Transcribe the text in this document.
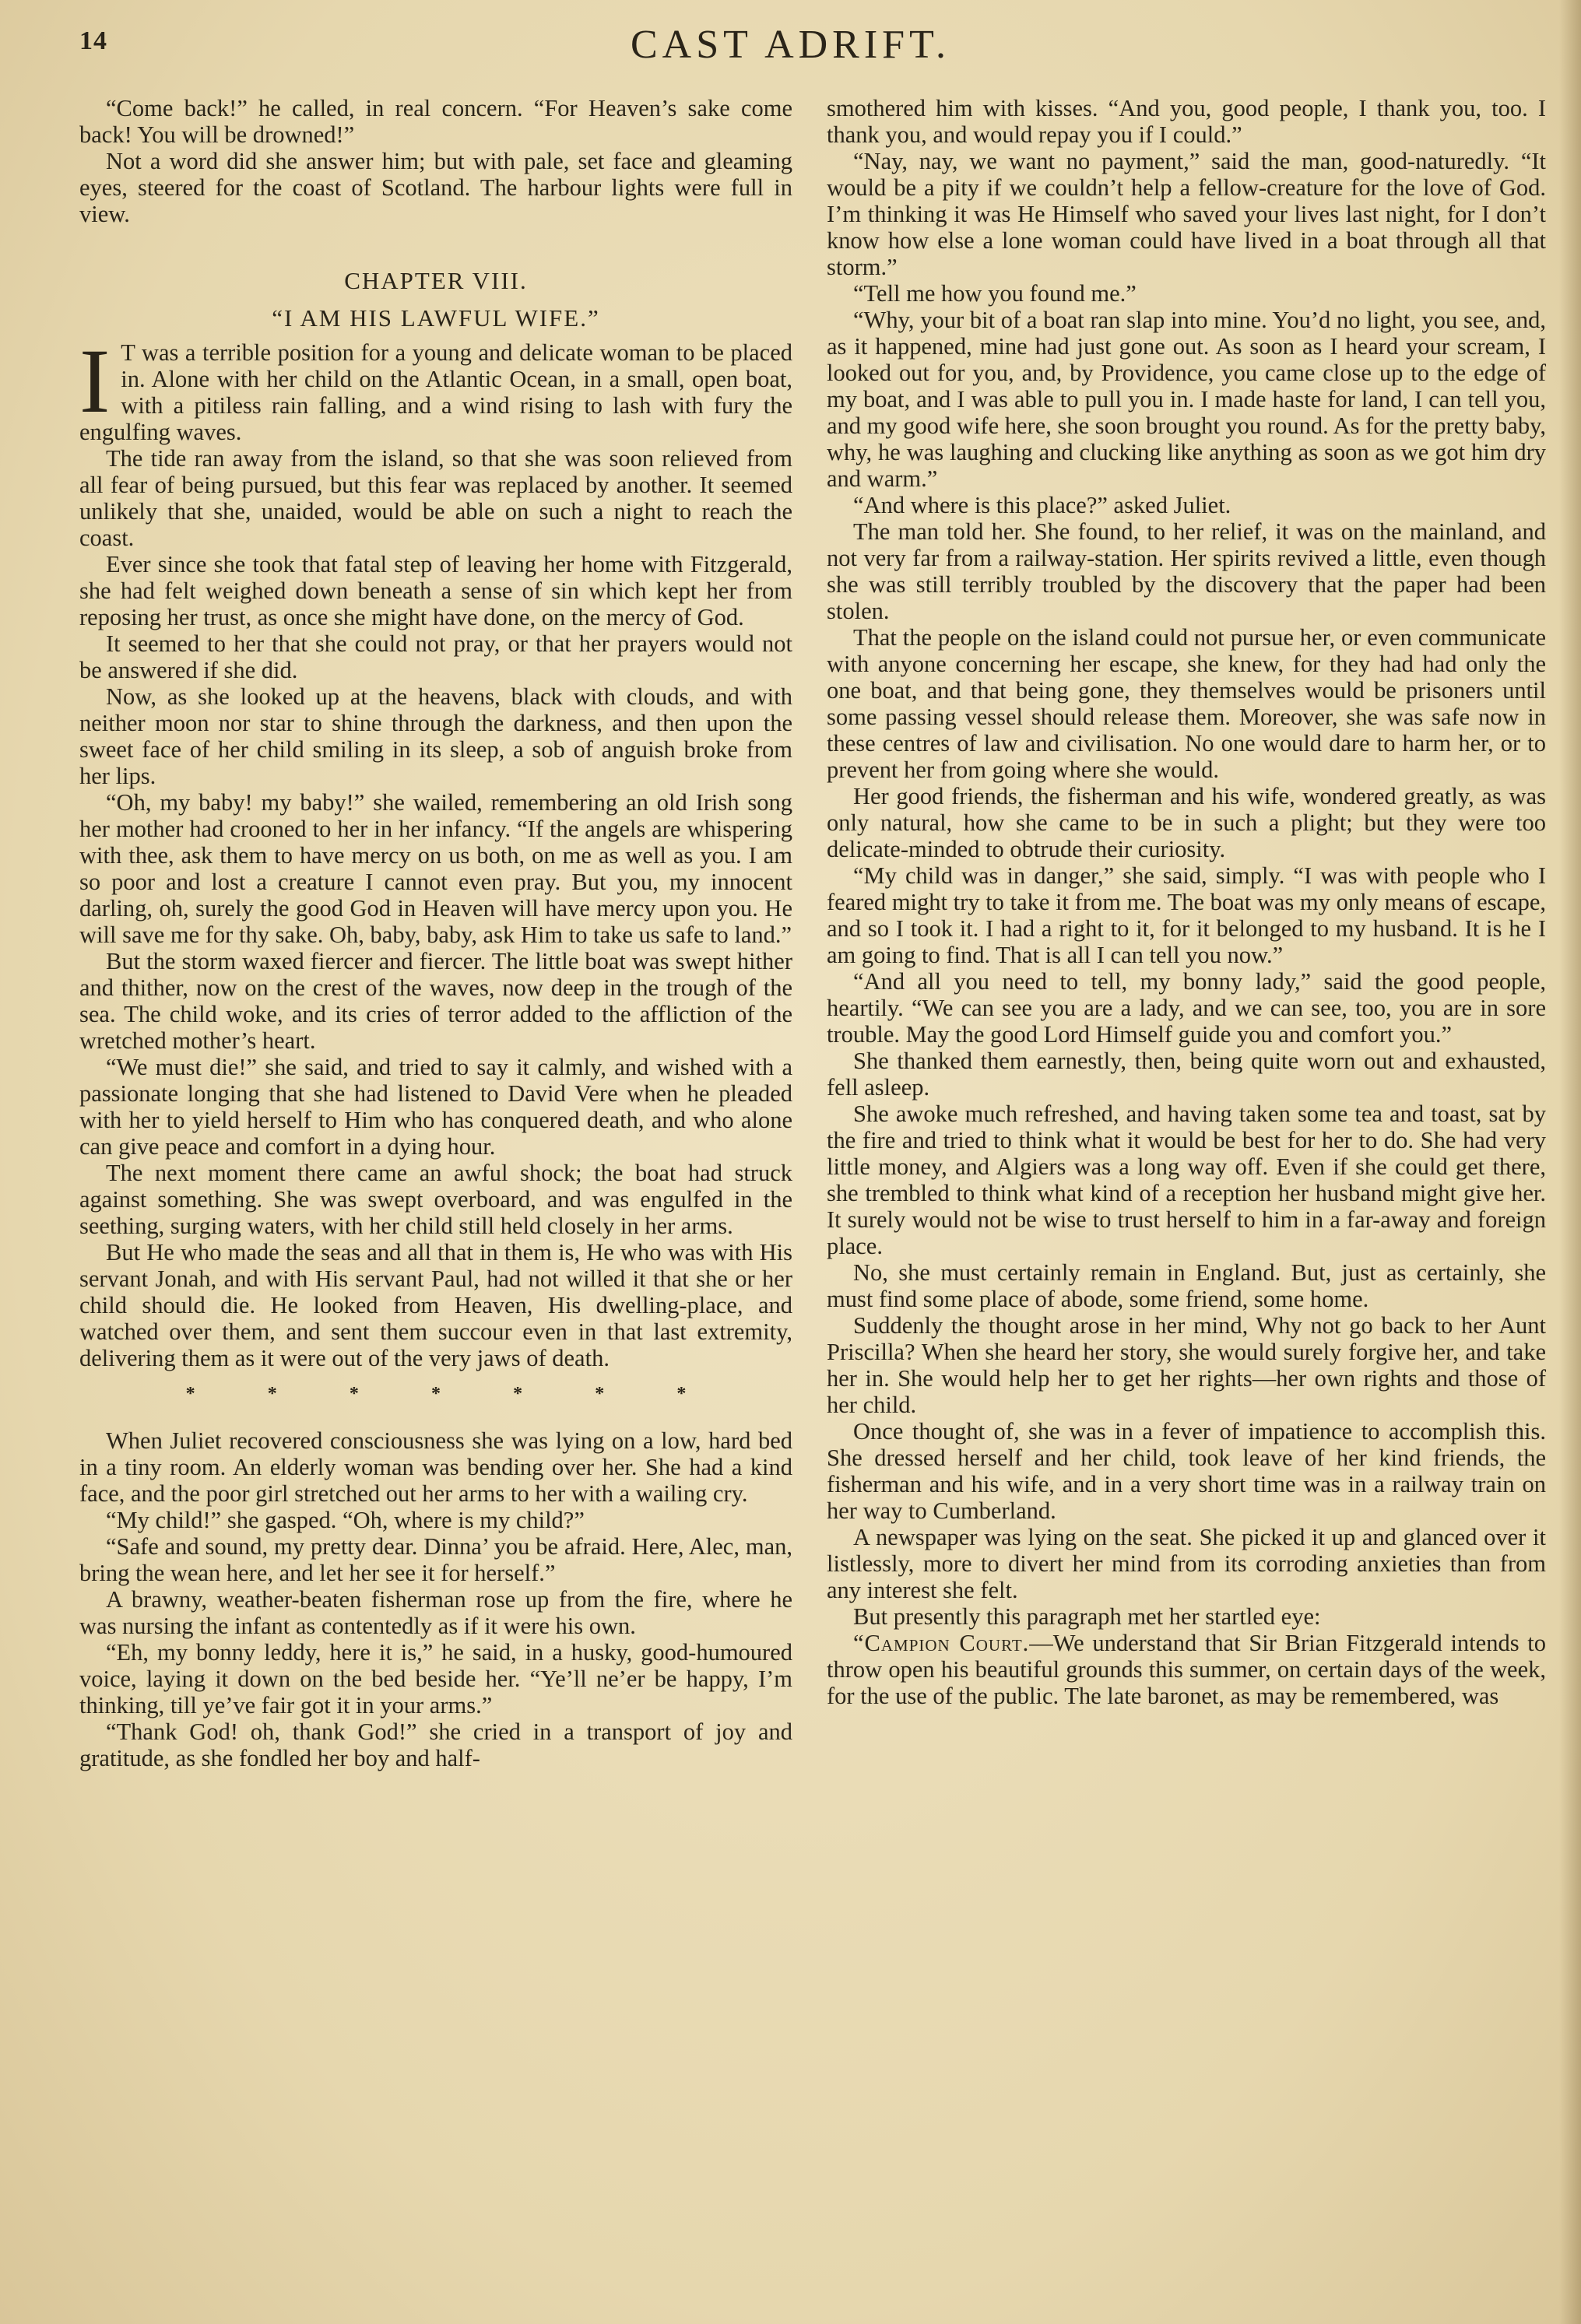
14	CAST ADRIFT.

“Come back!” he called, in real concern. “For Heaven’s sake come back! You will be drowned!”

Not a word did she answer him; but with pale, set face and gleaming eyes, steered for the coast of Scotland. The harbour lights were full in view.

CHAPTER VIII.
“I AM HIS LAWFUL WIFE.”

I T was a terrible position for a young and delicate woman to be placed in. Alone with her child on the Atlantic Ocean, in a small, open boat, with a pitiless rain falling, and a wind rising to lash with fury the engulfing waves.

The tide ran away from the island, so that she was soon relieved from all fear of being pursued, but this fear was replaced by another. It seemed unlikely that she, unaided, would be able on such a night to reach the coast.

Ever since she took that fatal step of leaving her home with Fitzgerald, she had felt weighed down beneath a sense of sin which kept her from reposing her trust, as once she might have done, on the mercy of God.

It seemed to her that she could not pray, or that her prayers would not be answered if she did.

Now, as she looked up at the heavens, black with clouds, and with neither moon nor star to shine through the darkness, and then upon the sweet face of her child smiling in its sleep, a sob of anguish broke from her lips.

“Oh, my baby! my baby!” she wailed, remembering an old Irish song her mother had crooned to her in her infancy. “If the angels are whispering with thee, ask them to have mercy on us both, on me as well as you. I am so poor and lost a creature I cannot even pray. But you, my innocent darling, oh, surely the good God in Heaven will have mercy upon you. He will save me for thy sake. Oh, baby, baby, ask Him to take us safe to land.”

But the storm waxed fiercer and fiercer. The little boat was swept hither and thither, now on the crest of the waves, now deep in the trough of the sea. The child woke, and its cries of terror added to the affliction of the wretched mother’s heart.

“We must die!” she said, and tried to say it calmly, and wished with a passionate longing that she had listened to David Vere when he pleaded with her to yield herself to Him who has conquered death, and who alone can give peace and comfort in a dying hour.

The next moment there came an awful shock; the boat had struck against something. She was swept overboard, and was engulfed in the seething, surging waters, with her child still held closely in her arms.

But He who made the seas and all that in them is, He who was with His servant Jonah, and with His servant Paul, had not willed it that she or her child should die. He looked from Heaven, His dwelling-place, and watched over them, and sent them succour even in that last extremity, delivering them as it were out of the very jaws of death.

*	*	*	*	*	*	*

When Juliet recovered consciousness she was lying on a low, hard bed in a tiny room. An elderly woman was bending over her. She had a kind face, and the poor girl stretched out her arms to her with a wailing cry.

“My child!” she gasped. “Oh, where is my child?”

“Safe and sound, my pretty dear. Dinna’ you be afraid. Here, Alec, man, bring the wean here, and let her see it for herself.”

A brawny, weather-beaten fisherman rose up from the fire, where he was nursing the infant as contentedly as if it were his own.

“Eh, my bonny leddy, here it is,” he said, in a husky, good-humoured voice, laying it down on the bed beside her. “Ye’ll ne’er be happy, I’m thinking, till ye’ve fair got it in your arms.”

“Thank God! oh, thank God!” she cried in a transport of joy and gratitude, as she fondled her boy and half-

smothered him with kisses. “And you, good people, I thank you, too. I thank you, and would repay you if I could.”

“Nay, nay, we want no payment,” said the man, good-naturedly. “It would be a pity if we couldn’t help a fellow-creature for the love of God. I’m thinking it was He Himself who saved your lives last night, for I don’t know how else a lone woman could have lived in a boat through all that storm.”

“Tell me how you found me.”

“Why, your bit of a boat ran slap into mine. You’d no light, you see, and, as it happened, mine had just gone out. As soon as I heard your scream, I looked out for you, and, by Providence, you came close up to the edge of my boat, and I was able to pull you in. I made haste for land, I can tell you, and my good wife here, she soon brought you round. As for the pretty baby, why, he was laughing and clucking like anything as soon as we got him dry and warm.”

“And where is this place?” asked Juliet.

The man told her. She found, to her relief, it was on the mainland, and not very far from a railway-station. Her spirits revived a little, even though she was still terribly troubled by the discovery that the paper had been stolen.

That the people on the island could not pursue her, or even communicate with anyone concerning her escape, she knew, for they had had only the one boat, and that being gone, they themselves would be prisoners until some passing vessel should release them. Moreover, she was safe now in these centres of law and civilisation. No one would dare to harm her, or to prevent her from going where she would.

Her good friends, the fisherman and his wife, wondered greatly, as was only natural, how she came to be in such a plight; but they were too delicate-minded to obtrude their curiosity.

“My child was in danger,” she said, simply. “I was with people who I feared might try to take it from me. The boat was my only means of escape, and so I took it. I had a right to it, for it belonged to my husband. It is he I am going to find. That is all I can tell you now.”

“And all you need to tell, my bonny lady,” said the good people, heartily. “We can see you are a lady, and we can see, too, you are in sore trouble. May the good Lord Himself guide you and comfort you.”

She thanked them earnestly, then, being quite worn out and exhausted, fell asleep.

She awoke much refreshed, and having taken some tea and toast, sat by the fire and tried to think what it would be best for her to do. She had very little money, and Algiers was a long way off. Even if she could get there, she trembled to think what kind of a reception her husband might give her. It surely would not be wise to trust herself to him in a far-away and foreign place.

No, she must certainly remain in England. But, just as certainly, she must find some place of abode, some friend, some home.

Suddenly the thought arose in her mind, Why not go back to her Aunt Priscilla? When she heard her story, she would surely forgive her, and take her in. She would help her to get her rights—her own rights and those of her child.

Once thought of, she was in a fever of impatience to accomplish this. She dressed herself and her child, took leave of her kind friends, the fisherman and his wife, and in a very short time was in a railway train on her way to Cumberland.

A newspaper was lying on the seat. She picked it up and glanced over it listlessly, more to divert her mind from its corroding anxieties than from any interest she felt.

But presently this paragraph met her startled eye:

“Campion Court.—We understand that Sir Brian Fitzgerald intends to throw open his beautiful grounds this summer, on certain days of the week, for the use of the public. The late baronet, as may be remembered, was
